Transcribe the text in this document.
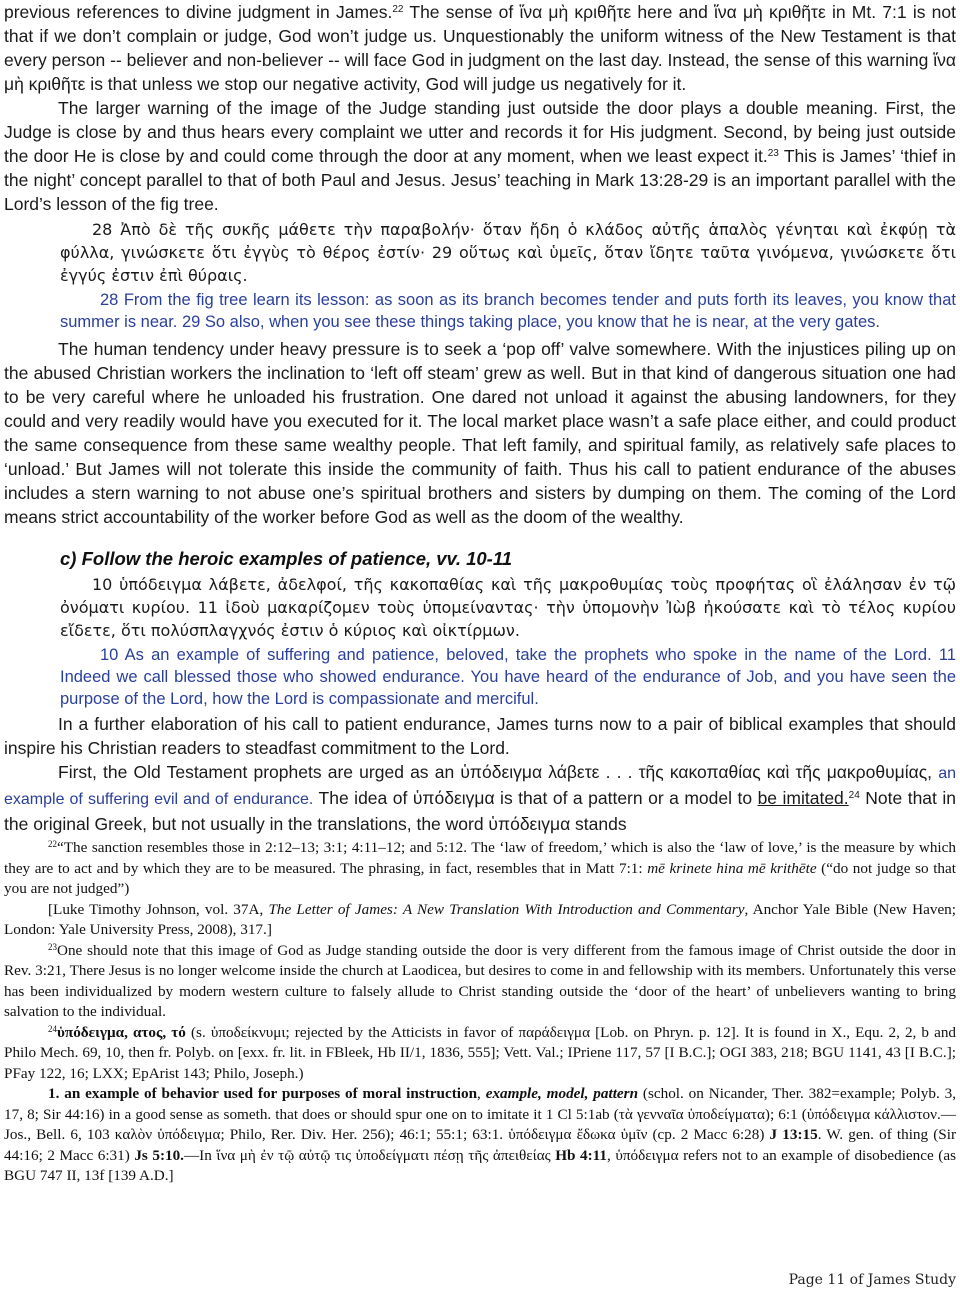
previous references to divine judgment in James.$^{22}$ The sense of ἵνα μὴ κριθῆτε here and ἵνα μὴ κριθῆτε in Mt. 7:1 is not that if we don’t complain or judge, God won’t judge us. Unquestionably the uniform witness of the New Testament is that every person -- believer and non-believer -- will face God in judgment on the last day. Instead, the sense of this warning ἵνα μὴ κριθῆτε is that unless we stop our negative activity, God will judge us negatively for it.

The larger warning of the image of the Judge standing just outside the door plays a double meaning. First, the Judge is close by and thus hears every complaint we utter and records it for His judgment. Second, by being just outside the door He is close by and could come through the door at any moment, when we least expect it.$^{23}$ This is James’ ‘thief in the night’ concept parallel to that of both Paul and Jesus. Jesus’ teaching in Mark 13:28-29 is an important parallel with the Lord’s lesson of the fig tree.

28 Ἀπὸ δὲ τῆς συκῆς μάθετε τὴν παραβολήν· ὅταν ἤδη ὁ κλάδος αὐτῆς ἁπαλὸς γένηται καὶ ἐκφύῃ τὰ φύλλα, γινώσκετε ὅτι ἐγγὺς τὸ θέρος ἐστίν· 29 οὕτως καὶ ὑμεῖς, ὅταν ἴδητε ταῦτα γινόμενα, γινώσκετε ὅτι ἐγγύς ἐστιν ἐπὶ θύραις.

28 From the fig tree learn its lesson: as soon as its branch becomes tender and puts forth its leaves, you know that summer is near. 29 So also, when you see these things taking place, you know that he is near, at the very gates.

The human tendency under heavy pressure is to seek a ‘pop off’ valve somewhere. With the injustices piling up on the abused Christian workers the inclination to ‘left off steam’ grew as well. But in that kind of dangerous situation one had to be very careful where he unloaded his frustration. One dared not unload it against the abusing landowners, for they could and very readily would have you executed for it. The local market place wasn’t a safe place either, and could product the same consequence from these same wealthy people. That left family, and spiritual family, as relatively safe places to ‘unload.’ But James will not tolerate this inside the community of faith. Thus his call to patient endurance of the abuses includes a stern warning to not abuse one’s spiritual brothers and sisters by dumping on them. The coming of the Lord means strict accountability of the worker before God as well as the doom of the wealthy.

c) Follow the heroic examples of patience, vv. 10-11

10 ὑπόδειγμα λάβετε, ἀδελφοί, τῆς κακοπαθίας καὶ τῆς μακροθυμίας τοὺς προφήτας οἳ ἐλάλησαν ἐν τῷ ὀνόματι κυρίου. 11 ἰδοὺ μακαρίζομεν τοὺς ὑπομείναντας· τὴν ὑπομονὴν Ἰὼβ ἠκούσατε καὶ τὸ τέλος κυρίου εἴδετε, ὅτι πολύσπλαγχνός ἐστιν ὁ κύριος καὶ οἰκτίρμων.

10 As an example of suffering and patience, beloved, take the prophets who spoke in the name of the Lord. 11 Indeed we call blessed those who showed endurance. You have heard of the endurance of Job, and you have seen the purpose of the Lord, how the Lord is compassionate and merciful.

In a further elaboration of his call to patient endurance, James turns now to a pair of biblical examples that should inspire his Christian readers to steadfast commitment to the Lord.

First, the Old Testament prophets are urged as an ὑπόδειγμα λάβετε . . . τῆς κακοπαθίας καὶ τῆς μακροθυμίας, an example of suffering evil and of endurance. The idea of ὑπόδειγμα is that of a pattern or a model to be imitated.$^{24}$ Note that in the original Greek, but not usually in the translations, the word ὑπόδειγμα stands

$^{22}$“The sanction resembles those in 2:12–13; 3:1; 4:11–12; and 5:12. The ‘law of freedom,’ which is also the ‘law of love,’ is the measure by which they are to act and by which they are to be measured. The phrasing, in fact, resembles that in Matt 7:1: mē krinete hina mē krithēte (“do not judge so that you are not judged”)

[Luke Timothy Johnson, vol. 37A, The Letter of James: A New Translation With Introduction and Commentary, Anchor Yale Bible (New Haven; London: Yale University Press, 2008), 317.]

$^{23}$One should note that this image of God as Judge standing outside the door is very different from the famous image of Christ outside the door in Rev. 3:21, There Jesus is no longer welcome inside the church at Laodicea, but desires to come in and fellowship with its members. Unfortunately this verse has been individualized by modern western culture to falsely allude to Christ standing outside the ‘door of the heart’ of unbelievers wanting to bring salvation to the individual.

$^{24}$ὑπόδειγμα, ατος, τό (s. ὑποδείκνυμι; rejected by the Atticists in favor of παράδειγμα [Lob. on Phryn. p. 12]. It is found in X., Equ. 2, 2, b and Philo Mech. 69, 10, then fr. Polyb. on [exx. fr. lit. in FBleek, Hb II/1, 1836, 555]; Vett. Val.; IPriene 117, 57 [I B.C.]; OGI 383, 218; BGU 1141, 43 [I B.C.]; PFay 122, 16; LXX; EpArist 143; Philo, Joseph.)

1. an example of behavior used for purposes of moral instruction, example, model, pattern (schol. on Nicander, Ther. 382=example; Polyb. 3, 17, 8; Sir 44:16) in a good sense as someth. that does or should spur one on to imitate it 1 Cl 5:1ab (τὰ γενναῖα ὑποδείγματα); 6:1 (ὑπόδειγμα κάλλιστον.—Jos., Bell. 6, 103 καλὸν ὑπόδειγμα; Philo, Rer. Div. Her. 256); 46:1; 55:1; 63:1. ὑπόδειγμα ἔδωκα ὑμῖν (cp. 2 Macc 6:28) J 13:15. W. gen. of thing (Sir 44:16; 2 Macc 6:31) Js 5:10.—In ἵνα μὴ ἐν τῷ αὐτῷ τις ὑποδείγματι πέσῃ τῆς ἀπειθείας Hb 4:11, ὑπόδειγμα refers not to an example of disobedience (as BGU 747 II, 13f [139 A.D.]

Page 11 of James Study
